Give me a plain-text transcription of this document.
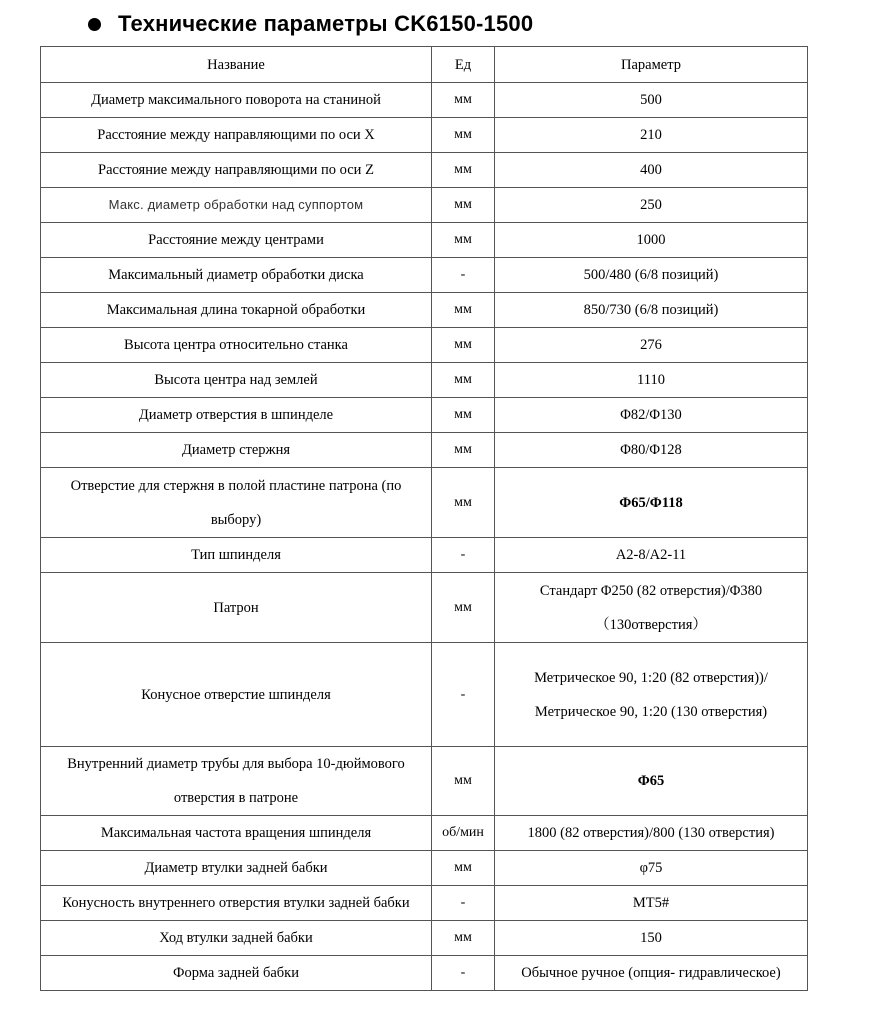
Технические параметры CK6150-1500
Название	Ед	Параметр
Диаметр максимального поворота на станиной	мм	500
Расстояние между направляющими по оси X	мм	210
Расстояние между направляющими по оси Z	мм	400
Макс. диаметр обработки над суппортом	мм	250
Расстояние между центрами	мм	1000
Максимальный диаметр обработки диска	-	500/480 (6/8 позиций)
Максимальная длина токарной обработки	мм	850/730 (6/8 позиций)
Высота центра относительно станка	мм	276
Высота центра над землей	мм	1110
Диаметр отверстия в шпинделе	мм	Φ82/Φ130
Диаметр стержня	мм	Φ80/Φ128
Отверстие для стержня в полой пластине патрона (по выбору)	мм	Φ65/Φ118
Тип шпинделя	-	A2-8/A2-11
Патрон	мм	Стандарт Φ250 (82 отверстия)/Φ380 （130отверстия）
Конусное отверстие шпинделя	-	Метрическое 90, 1:20 (82 отверстия))/Метрическое 90, 1:20 (130 отверстия)
Внутренний диаметр трубы для выбора 10-дюймового отверстия в патроне	мм	Φ65
Максимальная частота вращения шпинделя	об/мин	1800 (82 отверстия)/800 (130 отверстия)
Диаметр втулки задней бабки	мм	φ75
Конусность внутреннего отверстия втулки задней бабки	-	MT5#
Ход втулки задней бабки	мм	150
Форма задней бабки	-	Обычное ручное (опция- гидравлическое)
